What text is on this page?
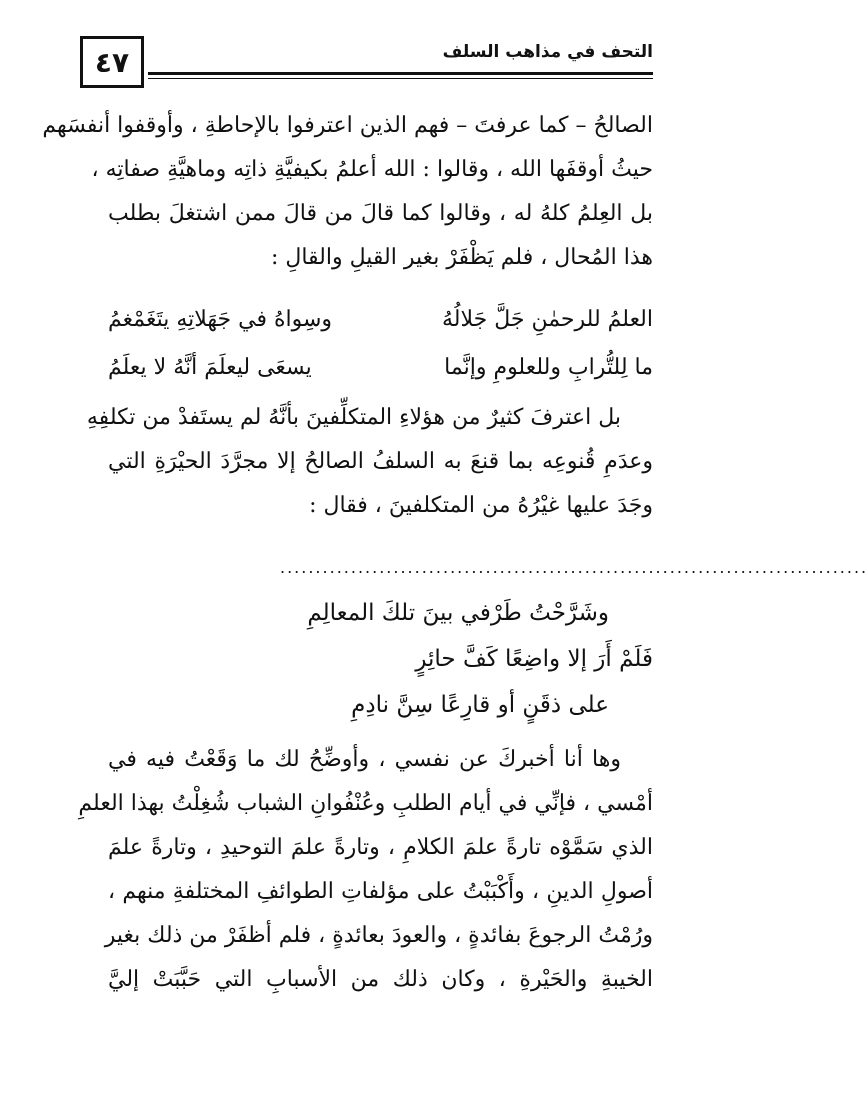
٤٧	التحف في مذاهب السلف
الصالحُ – كما عرفتَ – فهم الذين اعترفوا بالإحاطةِ ، وأوقفوا أنفسَهم
حيثُ أوقفَها الله ، وقالوا : الله أعلمُ بكيفيَّةِ ذاتِه وماهيَّةِ صفاتِه ،
بل العِلمُ كلهُ له ، وقالوا كما قالَ من قالَ ممن اشتغلَ بطلب
هذا المُحال ، فلم يَظْفَرْ بغير القيلِ والقالِ :
العلمُ للرحمٰنِ جَلَّ جَلالُهُ
وسِواهُ في جَهَلاتِهِ يتَغَمْغمُ
ما لِلتُّرابِ وللعلومِ وإنَّما
يسعَى ليعلَمَ أنَّهُ لا يعلَمُ
بل اعترفَ كثيرٌ من هؤلاءِ المتكلِّفينَ بأنَّهُ لم يستَفدْ من تكلفِهِ
وعدَمِ قُنوعِه بما قنعَ به السلفُ الصالحُ إلا مجرَّدَ الحيْرَةِ التي
وجَدَ عليها غيْرُهُ من المتكلفينَ ، فقال :
...................................................................................
وشَرَّحْتُ طَرْفي بينَ تلكَ المعالِمِ
فَلَمْ أَرَ إلا واضِعًا كَفَّ حائِرٍ
على ذقَنٍ أو قارِعًا سِنَّ نادِمِ
وها أنا أخبركَ عن نفسي ، وأوضِّحُ لك ما وَقَعْتُ فيه في
أمْسي ، فإنِّي في أيام الطلبِ وعُنْفُوانِ الشباب شُغِلْتُ بهذا العلمِ
الذي سَمَّوْه تارةً علمَ الكلامِ ، وتارةً علمَ التوحيدِ ، وتارةً علمَ
أصولِ الدينِ ، وأَكْبَبْتُ على مؤلفاتِ الطوائفِ المختلفةِ منهم ،
ورُمْتُ الرجوعَ بفائدةٍ ، والعودَ بعائدةٍ ، فلم أظفَرْ من ذلك بغير
الخيبةِ والحَيْرةِ ، وكان ذلك من الأسبابِ التي حَبَّبَتْ إليَّ
